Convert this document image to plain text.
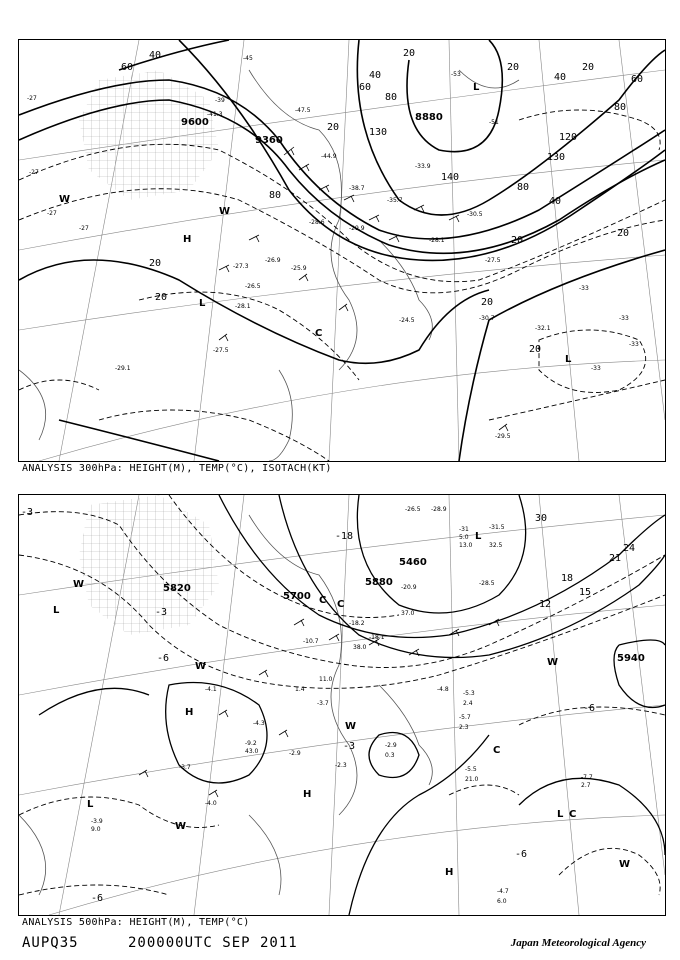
9600
9360
8880
40
60
80
20
40
20
60
80
20
40
20
60
80
130
140
130
120
80
40
20
20
20
20	20
20
-27
-27
-27
-27
-45
-47.5
-53
-51
-39
-41.3
-44.9
-38.7
-35.7
-33.9
-30.5
-29.9
-28.6
-28.1
-27.5
-26.9
-27.3	-25.9
-26.5
-24.5
-27.5
-28.1
-30.7
-29.1
-32.1
-33
-33
-29.5
-33
-33
H
L
L
C
W
W
L
ANALYSIS 300hPa: HEIGHT(M), TEMP(°C), ISOTACH(KT)
5820
5700
5880
5460
5940
-3
-3
-18
-6
-6
-3
-6
-6
30
24
21
18
15
12
-26.5 -28.9
-31
5.0
13.0
-31.5
32.5
-28.5
-20.9
-18.1
-18.2
38.0
37.0
-10.7
11.0
-4.1	1.4
-3.7
-4.3
-2.9
-2.3
-4.8
-5.3
2.4
-5.7
2.3
-5.5
21.0	-7.7
2.7
-4.7
6.0
-3.9
9.0
-3.7
-4.0
-9.2
43.0
-2.9
0.3
L
W
H
W
H
C
L
L
W
H
L C
W
W
W
C
C
ANALYSIS 500hPa: HEIGHT(M), TEMP(°C)
AUPQ35	200000UTC SEP 2011	Japan Meteorological Agency
